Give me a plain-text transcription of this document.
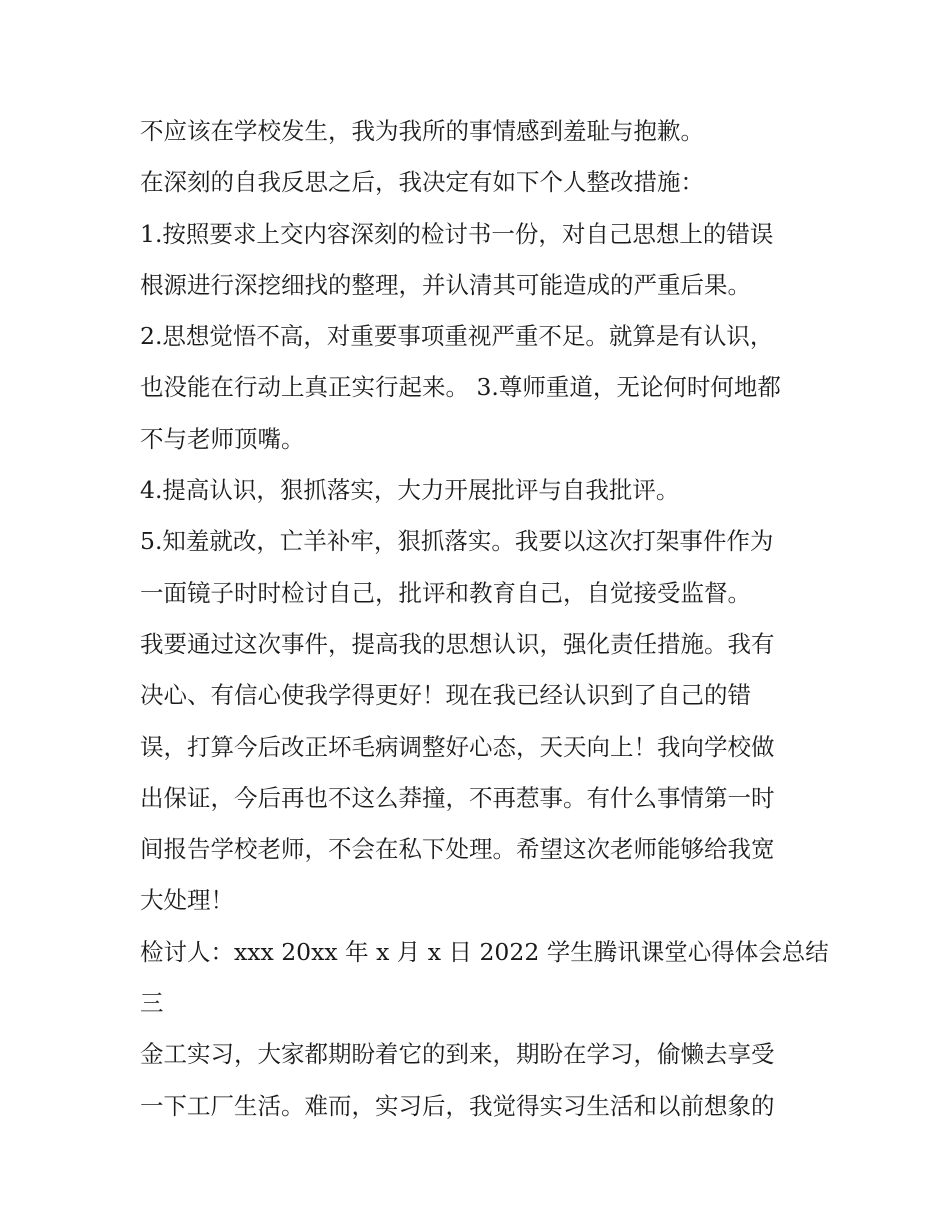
不应该在学校发生，我为我所的事情感到羞耻与抱歉。
在深刻的自我反思之后，我决定有如下个人整改措施：
1.按照要求上交内容深刻的检讨书一份，对自己思想上的错误
根源进行深挖细找的整理，并认清其可能造成的严重后果。
2.思想觉悟不高，对重要事项重视严重不足。就算是有认识，
也没能在行动上真正实行起来。 3.尊师重道，无论何时何地都
不与老师顶嘴。
4.提高认识，狠抓落实，大力开展批评与自我批评。
5.知羞就改，亡羊补牢，狠抓落实。我要以这次打架事件作为
一面镜子时时检讨自己，批评和教育自己，自觉接受监督。
我要通过这次事件，提高我的思想认识，强化责任措施。我有
决心、有信心使我学得更好！现在我已经认识到了自己的错
误，打算今后改正坏毛病调整好心态，天天向上！我向学校做
出保证，今后再也不这么莽撞，不再惹事。有什么事情第一时
间报告学校老师，不会在私下处理。希望这次老师能够给我宽
大处理！
检讨人：xxx 20xx 年 x 月 x 日 2022 学生腾讯课堂心得体会总结
三
金工实习，大家都期盼着它的到来，期盼在学习，偷懒去享受
一下工厂生活。难而，实习后，我觉得实习生活和以前想象的
